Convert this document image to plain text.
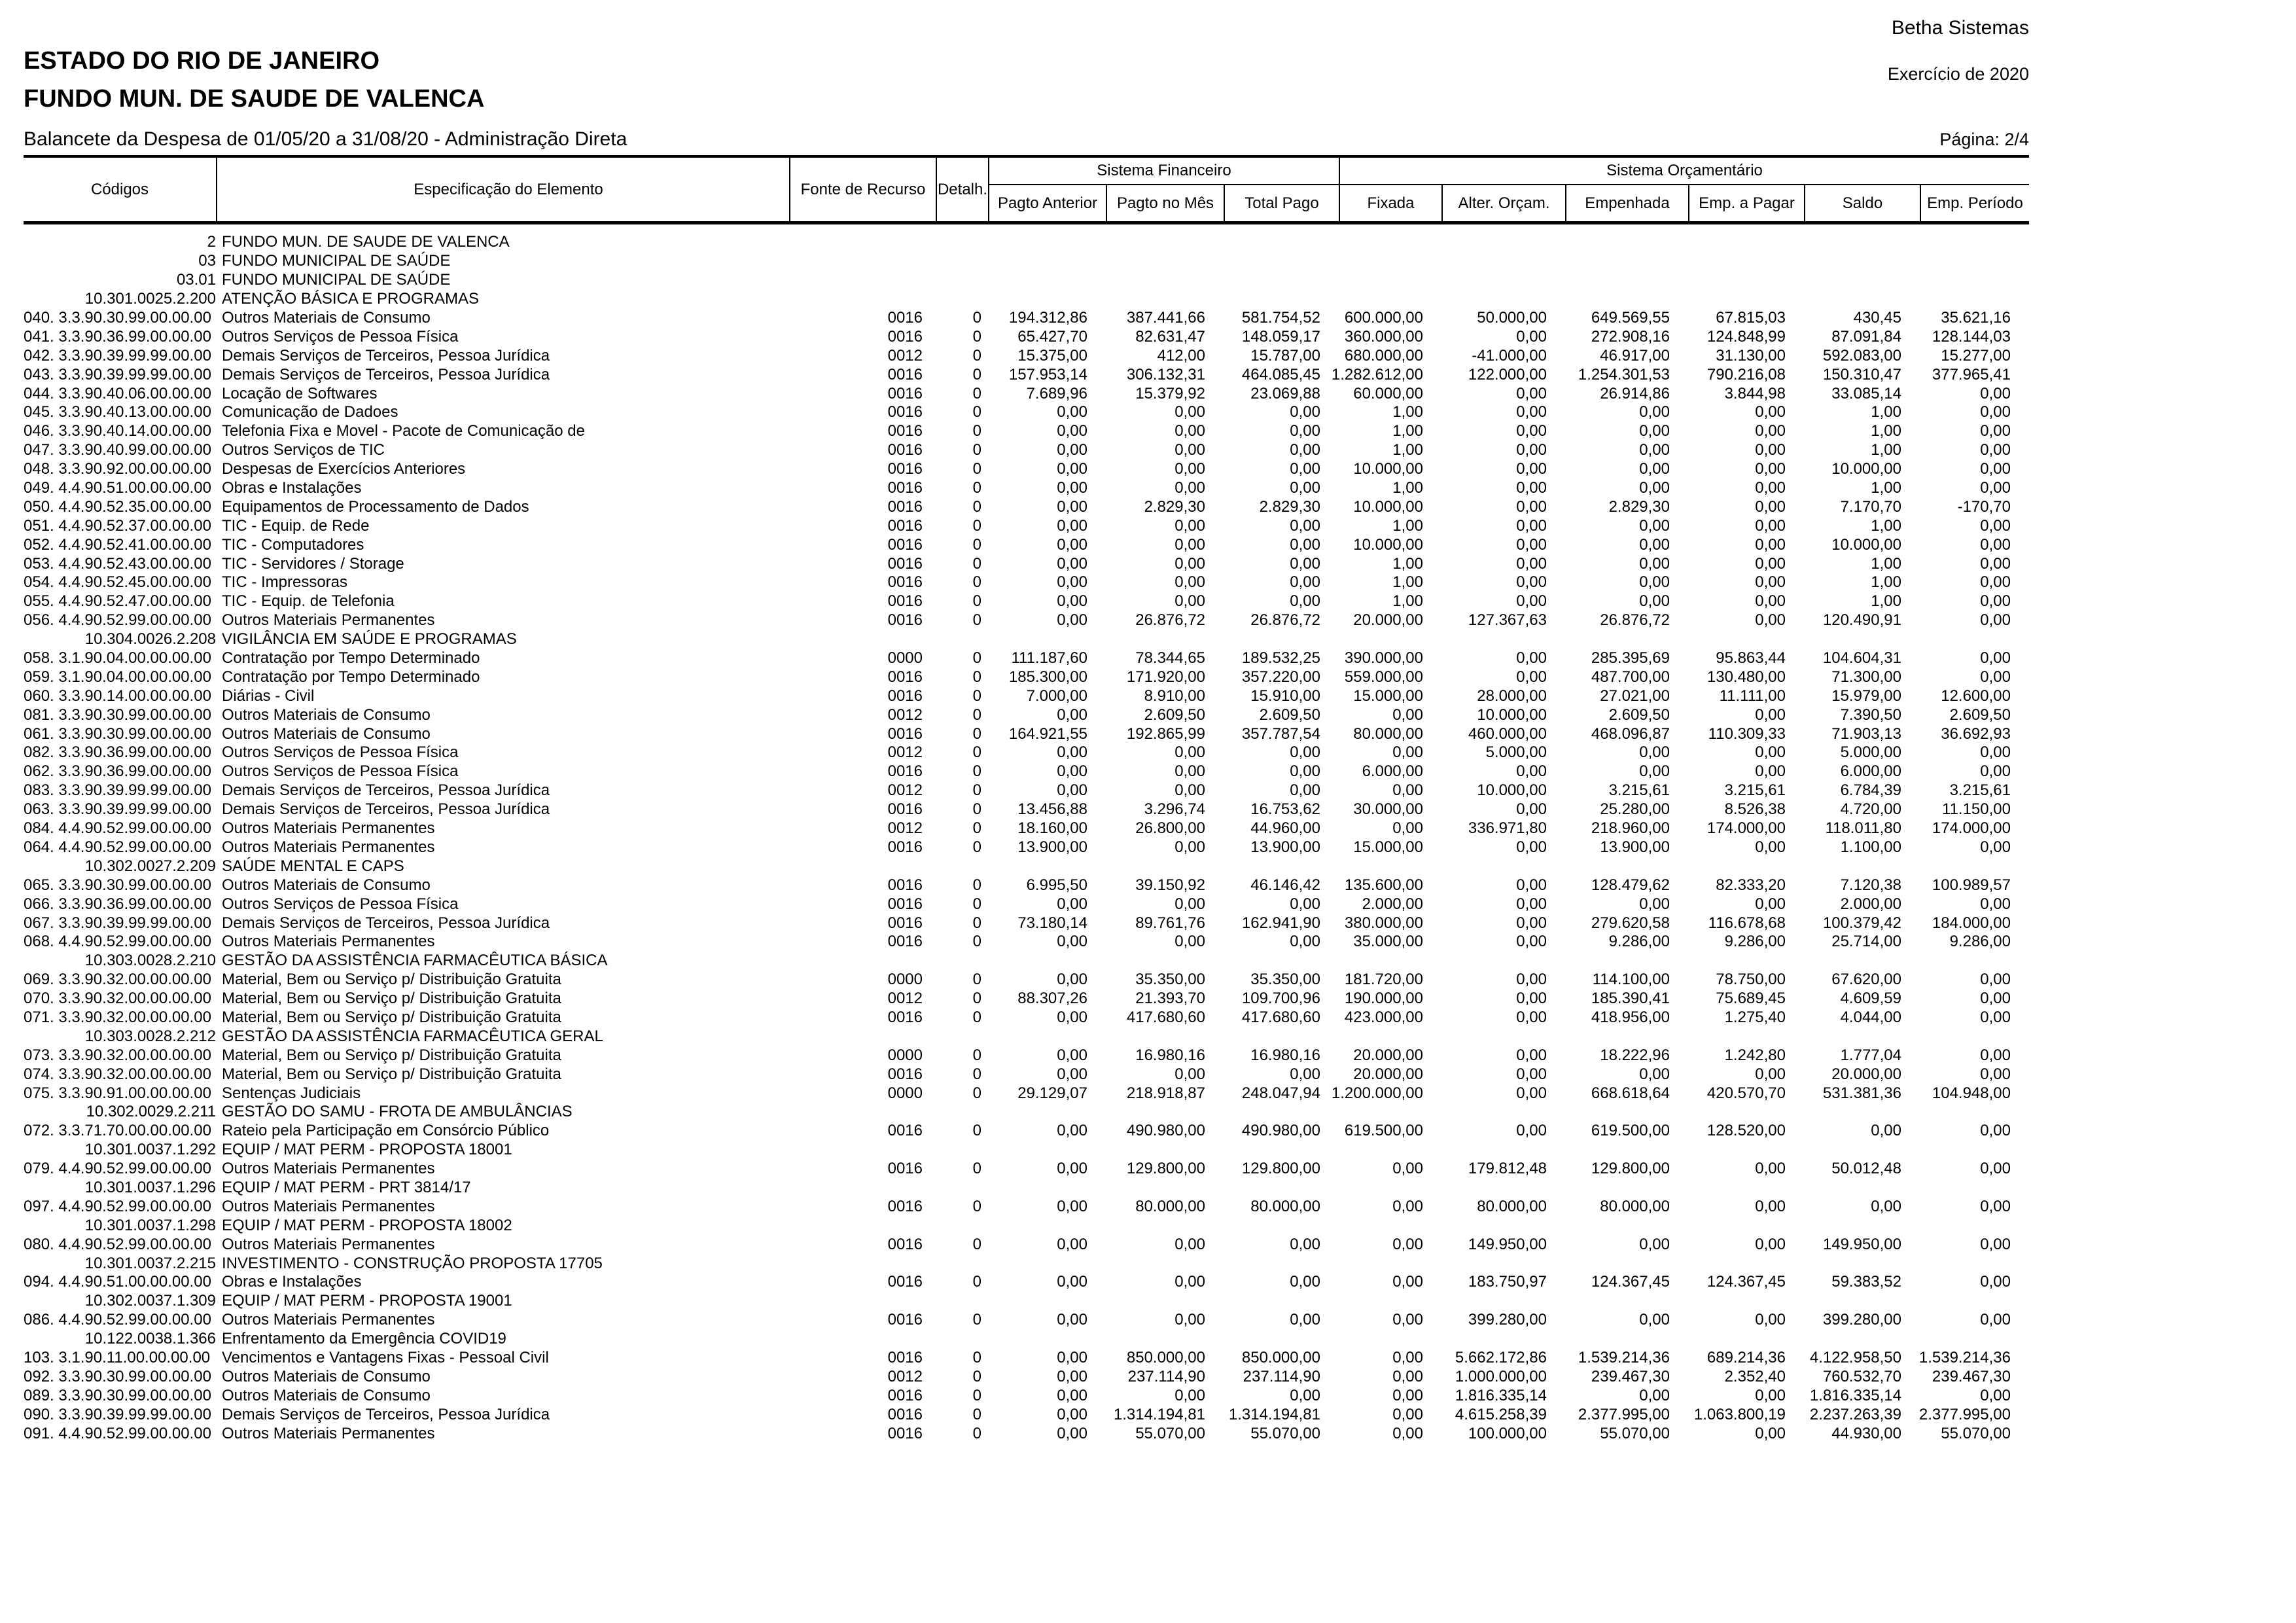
Betha Sistemas
ESTADO DO RIO DE JANEIRO	Exercício de 2020
FUNDO MUN. DE SAUDE DE VALENCA
Balancete da Despesa de 01/05/20 a 31/08/20 - Administração Direta	Página: 2/4
Códigos	Especificação do Elemento	Fonte de Recurso Detalh.
Sistema Financeiro	Sistema Orçamentário
Pagto Anterior	Pagto no Mês	Total Pago	Fixada	Alter. Orçam.	Empenhada	Emp. a Pagar	Saldo	Emp. Período
2 FUNDO MUN. DE SAUDE DE VALENCA
03 FUNDO MUNICIPAL DE SAÚDE
03.01 FUNDO MUNICIPAL DE SAÚDE
10.301.0025.2.200 ATENÇÃO BÁSICA E PROGRAMAS
040. 3.3.90.30.99.00.00.00 Outros Materiais de Consumo	0016	0	194.312,86	387.441,66	581.754,52	600.000,00	50.000,00	649.569,55	67.815,03	430,45	35.621,16
041. 3.3.90.36.99.00.00.00 Outros Serviços de Pessoa Física	0016	0	65.427,70	82.631,47	148.059,17	360.000,00	0,00	272.908,16	124.848,99	87.091,84	128.144,03
042. 3.3.90.39.99.99.00.00 Demais Serviços de Terceiros, Pessoa Jurídica	0012	0	15.375,00	412,00	15.787,00	680.000,00	-41.000,00	46.917,00	31.130,00	592.083,00	15.277,00
043. 3.3.90.39.99.99.00.00 Demais Serviços de Terceiros, Pessoa Jurídica	0016	0	157.953,14	306.132,31	464.085,45 1.282.612,00	122.000,00	1.254.301,53	790.216,08	150.310,47	377.965,41
044. 3.3.90.40.06.00.00.00 Locação de Softwares	0016	0	7.689,96	15.379,92	23.069,88	60.000,00	0,00	26.914,86	3.844,98	33.085,14	0,00
045. 3.3.90.40.13.00.00.00 Comunicação de Dadoes	0016	0	0,00	0,00	0,00	1,00	0,00	0,00	0,00	1,00	0,00
046. 3.3.90.40.14.00.00.00 Telefonia Fixa e Movel - Pacote de Comunicação de	0016	0	0,00	0,00	0,00	1,00	0,00	0,00	0,00	1,00	0,00
047. 3.3.90.40.99.00.00.00 Outros Serviços de TIC	0016	0	0,00	0,00	0,00	1,00	0,00	0,00	0,00	1,00	0,00
048. 3.3.90.92.00.00.00.00 Despesas de Exercícios Anteriores	0016	0	0,00	0,00	0,00	10.000,00	0,00	0,00	0,00	10.000,00	0,00
049. 4.4.90.51.00.00.00.00 Obras e Instalações	0016	0	0,00	0,00	0,00	1,00	0,00	0,00	0,00	1,00	0,00
050. 4.4.90.52.35.00.00.00 Equipamentos de Processamento de Dados	0016	0	0,00	2.829,30	2.829,30	10.000,00	0,00	2.829,30	0,00	7.170,70	-170,70
051. 4.4.90.52.37.00.00.00 TIC - Equip. de Rede	0016	0	0,00	0,00	0,00	1,00	0,00	0,00	0,00	1,00	0,00
052. 4.4.90.52.41.00.00.00 TIC - Computadores	0016	0	0,00	0,00	0,00	10.000,00	0,00	0,00	0,00	10.000,00	0,00
053. 4.4.90.52.43.00.00.00 TIC - Servidores / Storage	0016	0	0,00	0,00	0,00	1,00	0,00	0,00	0,00	1,00	0,00
054. 4.4.90.52.45.00.00.00 TIC - Impressoras	0016	0	0,00	0,00	0,00	1,00	0,00	0,00	0,00	1,00	0,00
055. 4.4.90.52.47.00.00.00 TIC - Equip. de Telefonia	0016	0	0,00	0,00	0,00	1,00	0,00	0,00	0,00	1,00	0,00
056. 4.4.90.52.99.00.00.00 Outros Materiais Permanentes	0016	0	0,00	26.876,72	26.876,72	20.000,00	127.367,63	26.876,72	0,00	120.490,91	0,00
10.304.0026.2.208 VIGILÂNCIA EM SAÚDE E PROGRAMAS
058. 3.1.90.04.00.00.00.00 Contratação por Tempo Determinado	0000	0	111.187,60	78.344,65	189.532,25	390.000,00	0,00	285.395,69	95.863,44	104.604,31	0,00
059. 3.1.90.04.00.00.00.00 Contratação por Tempo Determinado	0016	0	185.300,00	171.920,00	357.220,00	559.000,00	0,00	487.700,00	130.480,00	71.300,00	0,00
060. 3.3.90.14.00.00.00.00 Diárias - Civil	0016	0	7.000,00	8.910,00	15.910,00	15.000,00	28.000,00	27.021,00	11.111,00	15.979,00	12.600,00
081. 3.3.90.30.99.00.00.00 Outros Materiais de Consumo	0012	0	0,00	2.609,50	2.609,50	0,00	10.000,00	2.609,50	0,00	7.390,50	2.609,50
061. 3.3.90.30.99.00.00.00 Outros Materiais de Consumo	0016	0	164.921,55	192.865,99	357.787,54	80.000,00	460.000,00	468.096,87	110.309,33	71.903,13	36.692,93
082. 3.3.90.36.99.00.00.00 Outros Serviços de Pessoa Física	0012	0	0,00	0,00	0,00	0,00	5.000,00	0,00	0,00	5.000,00	0,00
062. 3.3.90.36.99.00.00.00 Outros Serviços de Pessoa Física	0016	0	0,00	0,00	0,00	6.000,00	0,00	0,00	0,00	6.000,00	0,00
083. 3.3.90.39.99.99.00.00 Demais Serviços de Terceiros, Pessoa Jurídica	0012	0	0,00	0,00	0,00	0,00	10.000,00	3.215,61	3.215,61	6.784,39	3.215,61
063. 3.3.90.39.99.99.00.00 Demais Serviços de Terceiros, Pessoa Jurídica	0016	0	13.456,88	3.296,74	16.753,62	30.000,00	0,00	25.280,00	8.526,38	4.720,00	11.150,00
084. 4.4.90.52.99.00.00.00 Outros Materiais Permanentes	0012	0	18.160,00	26.800,00	44.960,00	0,00	336.971,80	218.960,00	174.000,00	118.011,80	174.000,00
064. 4.4.90.52.99.00.00.00 Outros Materiais Permanentes	0016	0	13.900,00	0,00	13.900,00	15.000,00	0,00	13.900,00	0,00	1.100,00	0,00
10.302.0027.2.209 SAÚDE MENTAL E CAPS
065. 3.3.90.30.99.00.00.00 Outros Materiais de Consumo	0016	0	6.995,50	39.150,92	46.146,42	135.600,00	0,00	128.479,62	82.333,20	7.120,38	100.989,57
066. 3.3.90.36.99.00.00.00 Outros Serviços de Pessoa Física	0016	0	0,00	0,00	0,00	2.000,00	0,00	0,00	0,00	2.000,00	0,00
067. 3.3.90.39.99.99.00.00 Demais Serviços de Terceiros, Pessoa Jurídica	0016	0	73.180,14	89.761,76	162.941,90	380.000,00	0,00	279.620,58	116.678,68	100.379,42	184.000,00
068. 4.4.90.52.99.00.00.00 Outros Materiais Permanentes	0016	0	0,00	0,00	0,00	35.000,00	0,00	9.286,00	9.286,00	25.714,00	9.286,00
10.303.0028.2.210 GESTÃO DA ASSISTÊNCIA FARMACÊUTICA BÁSICA
069. 3.3.90.32.00.00.00.00 Material, Bem ou Serviço p/ Distribuição Gratuita	0000	0	0,00	35.350,00	35.350,00	181.720,00	0,00	114.100,00	78.750,00	67.620,00	0,00
070. 3.3.90.32.00.00.00.00 Material, Bem ou Serviço p/ Distribuição Gratuita	0012	0	88.307,26	21.393,70	109.700,96	190.000,00	0,00	185.390,41	75.689,45	4.609,59	0,00
071. 3.3.90.32.00.00.00.00 Material, Bem ou Serviço p/ Distribuição Gratuita	0016	0	0,00	417.680,60	417.680,60	423.000,00	0,00	418.956,00	1.275,40	4.044,00	0,00
10.303.0028.2.212 GESTÃO DA ASSISTÊNCIA FARMACÊUTICA GERAL
073. 3.3.90.32.00.00.00.00 Material, Bem ou Serviço p/ Distribuição Gratuita	0000	0	0,00	16.980,16	16.980,16	20.000,00	0,00	18.222,96	1.242,80	1.777,04	0,00
074. 3.3.90.32.00.00.00.00 Material, Bem ou Serviço p/ Distribuição Gratuita	0016	0	0,00	0,00	0,00	20.000,00	0,00	0,00	0,00	20.000,00	0,00
075. 3.3.90.91.00.00.00.00 Sentenças Judiciais	0000	0	29.129,07	218.918,87	248.047,94 1.200.000,00	0,00	668.618,64	420.570,70	531.381,36	104.948,00
10.302.0029.2.211 GESTÃO DO SAMU - FROTA DE AMBULÂNCIAS
072. 3.3.71.70.00.00.00.00 Rateio pela Participação em Consórcio Público	0016	0	0,00	490.980,00	490.980,00	619.500,00	0,00	619.500,00	128.520,00	0,00	0,00
10.301.0037.1.292 EQUIP / MAT PERM - PROPOSTA 18001
079. 4.4.90.52.99.00.00.00 Outros Materiais Permanentes	0016	0	0,00	129.800,00	129.800,00	0,00	179.812,48	129.800,00	0,00	50.012,48	0,00
10.301.0037.1.296 EQUIP / MAT PERM - PRT 3814/17
097. 4.4.90.52.99.00.00.00 Outros Materiais Permanentes	0016	0	0,00	80.000,00	80.000,00	0,00	80.000,00	80.000,00	0,00	0,00	0,00
10.301.0037.1.298 EQUIP / MAT PERM - PROPOSTA 18002
080. 4.4.90.52.99.00.00.00 Outros Materiais Permanentes	0016	0	0,00	0,00	0,00	0,00	149.950,00	0,00	0,00	149.950,00	0,00
10.301.0037.2.215 INVESTIMENTO - CONSTRUÇÃO PROPOSTA 17705
094. 4.4.90.51.00.00.00.00 Obras e Instalações	0016	0	0,00	0,00	0,00	0,00	183.750,97	124.367,45	124.367,45	59.383,52	0,00
10.302.0037.1.309 EQUIP / MAT PERM - PROPOSTA 19001
086. 4.4.90.52.99.00.00.00 Outros Materiais Permanentes	0016	0	0,00	0,00	0,00	0,00	399.280,00	0,00	0,00	399.280,00	0,00
10.122.0038.1.366 Enfrentamento da Emergência COVID19
103. 3.1.90.11.00.00.00.00 Vencimentos e Vantagens Fixas - Pessoal Civil	0016	0	0,00	850.000,00	850.000,00	0,00	5.662.172,86	1.539.214,36	689.214,36	4.122.958,50	1.539.214,36
092. 3.3.90.30.99.00.00.00 Outros Materiais de Consumo	0012	0	0,00	237.114,90	237.114,90	0,00	1.000.000,00	239.467,30	2.352,40	760.532,70	239.467,30
089. 3.3.90.30.99.00.00.00 Outros Materiais de Consumo	0016	0	0,00	0,00	0,00	0,00	1.816.335,14	0,00	0,00	1.816.335,14	0,00
090. 3.3.90.39.99.99.00.00 Demais Serviços de Terceiros, Pessoa Jurídica	0016	0	0,00	1.314.194,81	1.314.194,81	0,00	4.615.258,39	2.377.995,00	1.063.800,19	2.237.263,39	2.377.995,00
091. 4.4.90.52.99.00.00.00 Outros Materiais Permanentes	0016	0	0,00	55.070,00	55.070,00	0,00	100.000,00	55.070,00	0,00	44.930,00	55.070,00
